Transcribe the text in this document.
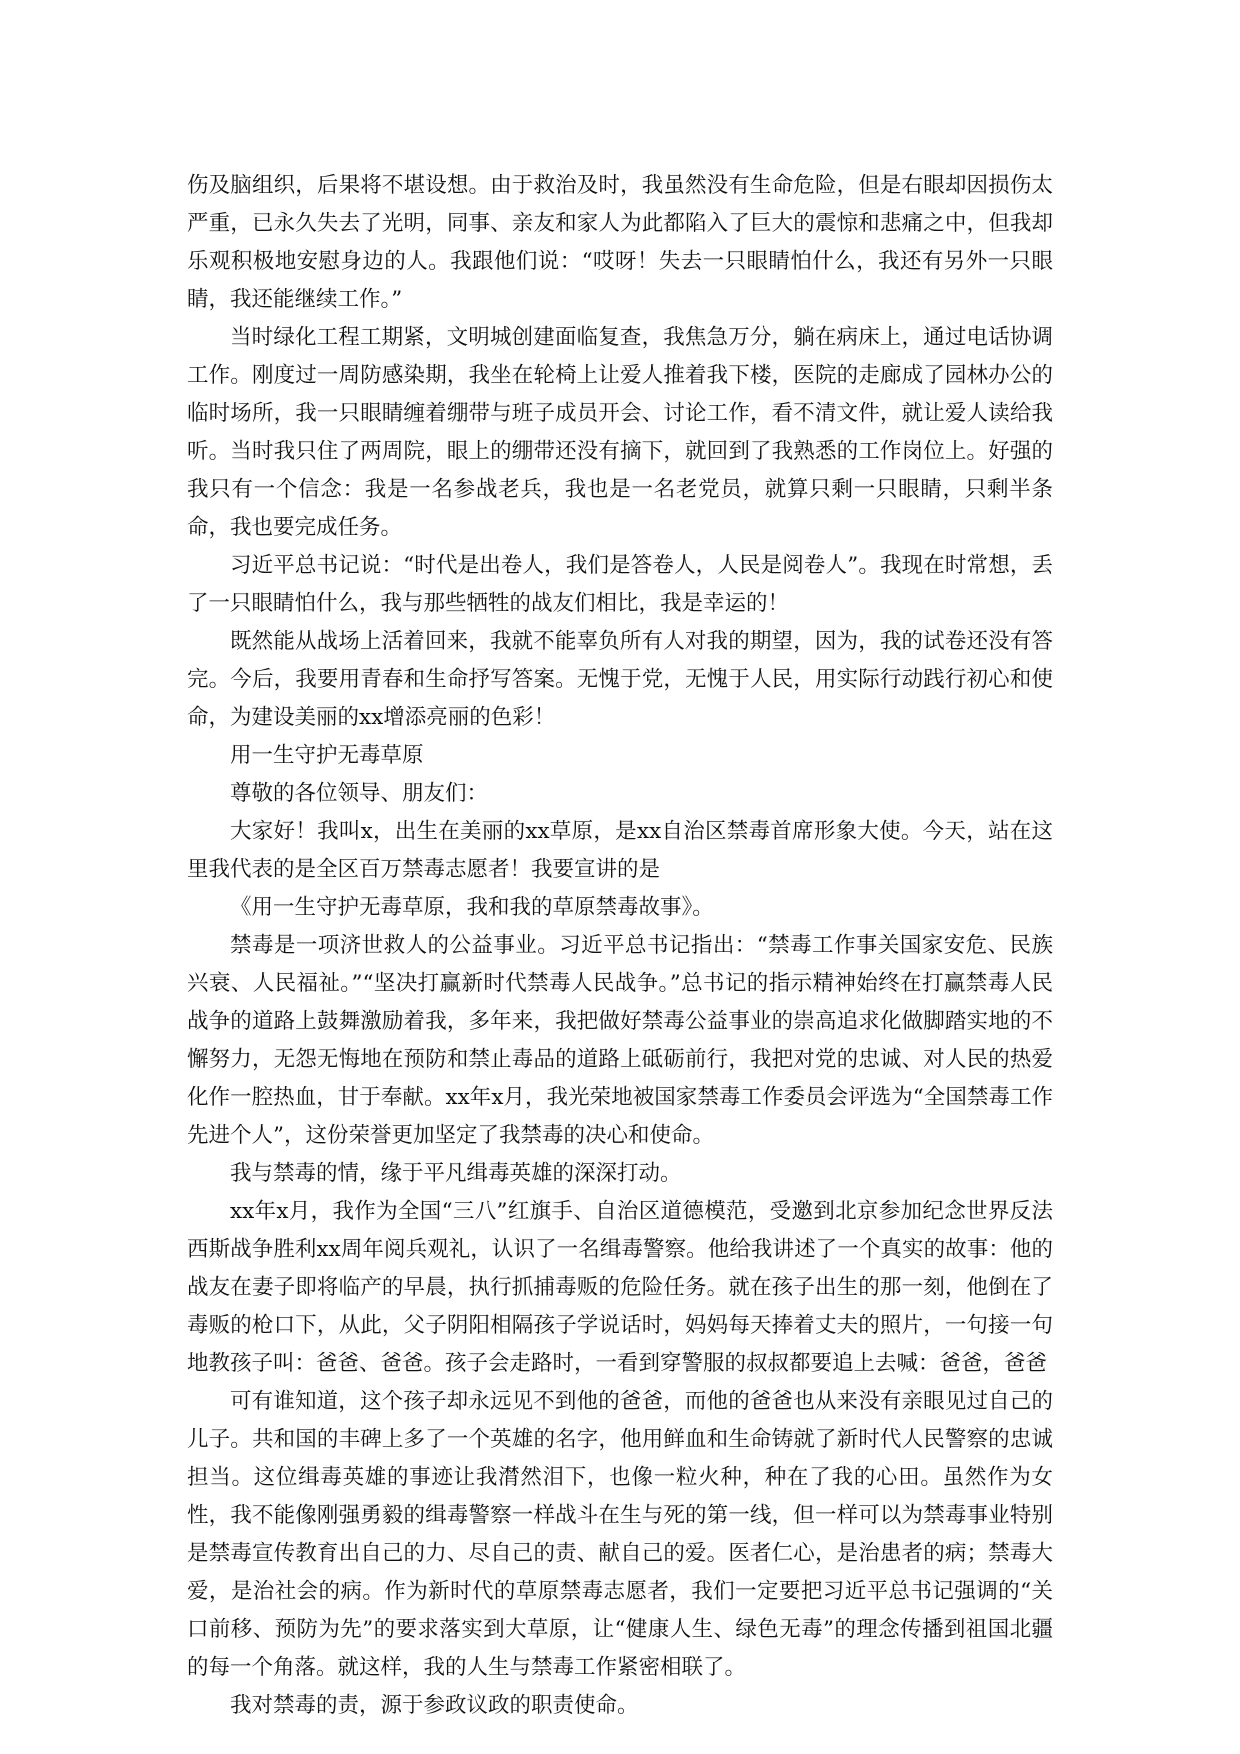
伤及脑组织，后果将不堪设想。由于救治及时，我虽然没有生命危险，但是右眼却因损伤太严重，已永久失去了光明，同事、亲友和家人为此都陷入了巨大的震惊和悲痛之中，但我却乐观积极地安慰身边的人。我跟他们说：“哎呀！失去一只眼睛怕什么，我还有另外一只眼睛，我还能继续工作。”

当时绿化工程工期紧，文明城创建面临复查，我焦急万分，躺在病床上，通过电话协调工作。刚度过一周防感染期，我坐在轮椅上让爱人推着我下楼，医院的走廊成了园林办公的临时场所，我一只眼睛缠着绷带与班子成员开会、讨论工作，看不清文件，就让爱人读给我听。当时我只住了两周院，眼上的绷带还没有摘下，就回到了我熟悉的工作岗位上。好强的我只有一个信念：我是一名参战老兵，我也是一名老党员，就算只剩一只眼睛，只剩半条命，我也要完成任务。

习近平总书记说：“时代是出卷人，我们是答卷人，人民是阅卷人”。我现在时常想，丢了一只眼睛怕什么，我与那些牺牲的战友们相比，我是幸运的！

既然能从战场上活着回来，我就不能辜负所有人对我的期望，因为，我的试卷还没有答完。今后，我要用青春和生命抒写答案。无愧于党，无愧于人民，用实际行动践行初心和使命，为建设美丽的xx增添亮丽的色彩！

用一生守护无毒草原

尊敬的各位领导、朋友们：

大家好！我叫x，出生在美丽的xx草原，是xx自治区禁毒首席形象大使。今天，站在这里我代表的是全区百万禁毒志愿者！我要宣讲的是

《用一生守护无毒草原，我和我的草原禁毒故事》。

禁毒是一项济世救人的公益事业。习近平总书记指出：“禁毒工作事关国家安危、民族兴衰、人民福祉。”“坚决打赢新时代禁毒人民战争。”总书记的指示精神始终在打赢禁毒人民战争的道路上鼓舞激励着我，多年来，我把做好禁毒公益事业的崇高追求化做脚踏实地的不懈努力，无怨无悔地在预防和禁止毒品的道路上砥砺前行，我把对党的忠诚、对人民的热爱化作一腔热血，甘于奉献。xx年x月，我光荣地被国家禁毒工作委员会评选为“全国禁毒工作先进个人”，这份荣誉更加坚定了我禁毒的决心和使命。

我与禁毒的情，缘于平凡缉毒英雄的深深打动。

xx年x月，我作为全国“三八”红旗手、自治区道德模范，受邀到北京参加纪念世界反法西斯战争胜利xx周年阅兵观礼，认识了一名缉毒警察。他给我讲述了一个真实的故事：他的战友在妻子即将临产的早晨，执行抓捕毒贩的危险任务。就在孩子出生的那一刻，他倒在了毒贩的枪口下，从此，父子阴阳相隔孩子学说话时，妈妈每天捧着丈夫的照片，一句接一句地教孩子叫：爸爸、爸爸。孩子会走路时，一看到穿警服的叔叔都要追上去喊：爸爸，爸爸

可有谁知道，这个孩子却永远见不到他的爸爸，而他的爸爸也从来没有亲眼见过自己的儿子。共和国的丰碑上多了一个英雄的名字，他用鲜血和生命铸就了新时代人民警察的忠诚担当。这位缉毒英雄的事迹让我潸然泪下，也像一粒火种，种在了我的心田。虽然作为女性，我不能像刚强勇毅的缉毒警察一样战斗在生与死的第一线，但一样可以为禁毒事业特别是禁毒宣传教育出自己的力、尽自己的责、献自己的爱。医者仁心，是治患者的病；禁毒大爱，是治社会的病。作为新时代的草原禁毒志愿者，我们一定要把习近平总书记强调的“关口前移、预防为先”的要求落实到大草原，让“健康人生、绿色无毒”的理念传播到祖国北疆的每一个角落。就这样，我的人生与禁毒工作紧密相联了。

我对禁毒的责，源于参政议政的职责使命。
